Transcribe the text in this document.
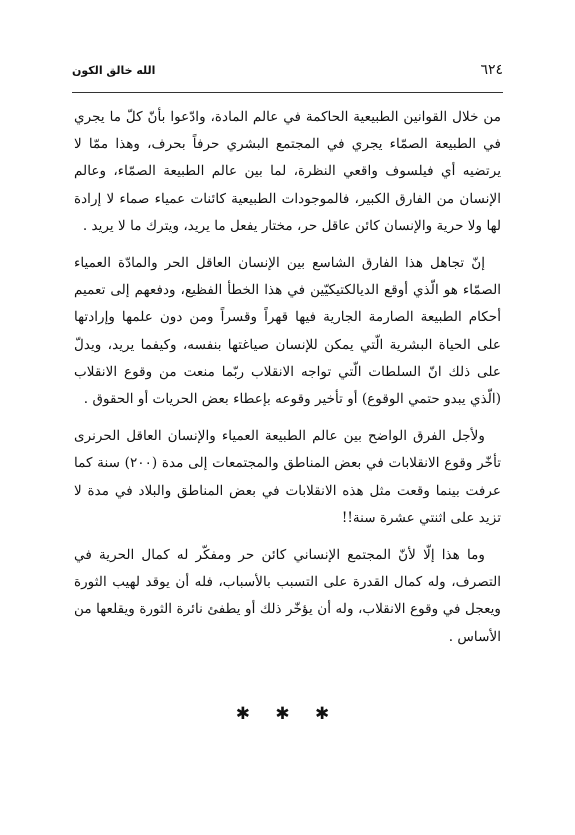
الله خالق الكون	٦٢٤

من خلال القوانين الطبيعية الحاكمة في عالم المادة، وادّعوا بأنّ كلّ ما يجري في الطبيعة الصمّاء يجري في المجتمع البشري حرفاً بحرف، وهذا ممّا لا يرتضيه أي فيلسوف واقعي النظرة، لما بين عالم الطبيعة الصمّاء، وعالم الإنسان من الفارق الكبير، فالموجودات الطبيعية كائنات عمياء صماء لا إرادة لها ولا حرية والإنسان كائن عاقل حر، مختار يفعل ما يريد، ويترك ما لا يريد .

إنّ تجاهل هذا الفارق الشاسع بين الإنسان العاقل الحر والمادّة العمياء الصمّاء هو الّذي أوقع الديالكتيكيّين في هذا الخطأ الفظيع، ودفعهم إلى تعميم أحكام الطبيعة الصارمة الجارية فيها قهراً وقسراً ومن دون علمها وإرادتها على الحياة البشرية الّتي يمكن للإنسان صياغتها بنفسه، وكيفما يريد، ويدلّ على ذلك انّ السلطات الّتي تواجه الانقلاب ربّما منعت من وقوع الانقلاب (الّذي يبدو حتمي الوقوع) أو تأخير وقوعه بإعطاء بعض الحريات أو الحقوق .

ولأجل الفرق الواضح بين عالم الطبيعة العمياء والإنسان العاقل الحرنرى تأخّر وقوع الانقلابات في بعض المناطق والمجتمعات إلى مدة (٢٠٠) سنة كما عرفت بينما وقعت مثل هذه الانقلابات في بعض المناطق والبلاد في مدة لا تزيد على اثنتي عشرة سنة!!

وما هذا إلّا لأنّ المجتمع الإنساني كائن حر ومفكّر له كمال الحرية في التصرف، وله كمال القدرة على التسبب بالأسباب، فله أن يوقد لهيب الثورة ويعجل في وقوع الانقلاب، وله أن يؤخّر ذلك أو يطفئ نائرة الثورة ويقلعها من الأساس .

✱ ✱ ✱
